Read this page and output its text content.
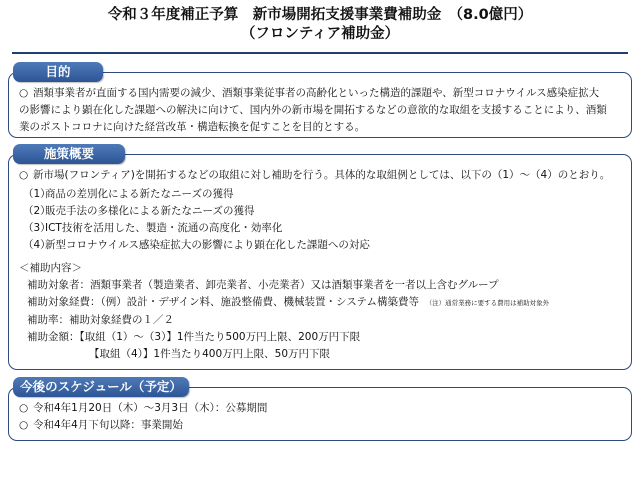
令和３年度補正予算　新市場開拓支援事業費補助金　（8.0億円）
（フロンティア補助金）
目的
○ 酒類事業者が直面する国内需要の減少、酒類事業従事者の高齢化といった構造的課題や、新型コロナウイルス感染症拡大
の影響により顕在化した課題への解決に向けて、国内外の新市場を開拓するなどの意欲的な取組を支援することにより、酒類
業のポストコロナに向けた経営改革・構造転換を促すことを目的とする。
施策概要
○ 新市場(フロンティア)を開拓するなどの取組に対し補助を行う。具体的な取組例としては、以下の（1）～（4）のとおり。
（1）商品の差別化による新たなニーズの獲得
（2）販売手法の多様化による新たなニーズの獲得
（3）ICT技術を活用した、製造・流通の高度化・効率化
（4）新型コロナウイルス感染症拡大の影響により顕在化した課題への対応
＜補助内容＞
補助対象者：酒類事業者（製造業者、卸売業者、小売業者）又は酒類事業者を一者以上含むグループ
補助対象経費：（例）設計・デザイン料、施設整備費、機械装置・システム構築費等 （注）通常業務に要する費用は補助対象外
補助率：補助対象経費の１／２
補助金額：【取組（1）～（3）】1件当たり500万円上限、200万円下限
【取組（4）】1件当たり400万円上限、50万円下限
今後のスケジュール（予定）
○ 令和4年1月20日（木）～3月3日（木）：公募期間
○ 令和4年4月下旬以降：事業開始
